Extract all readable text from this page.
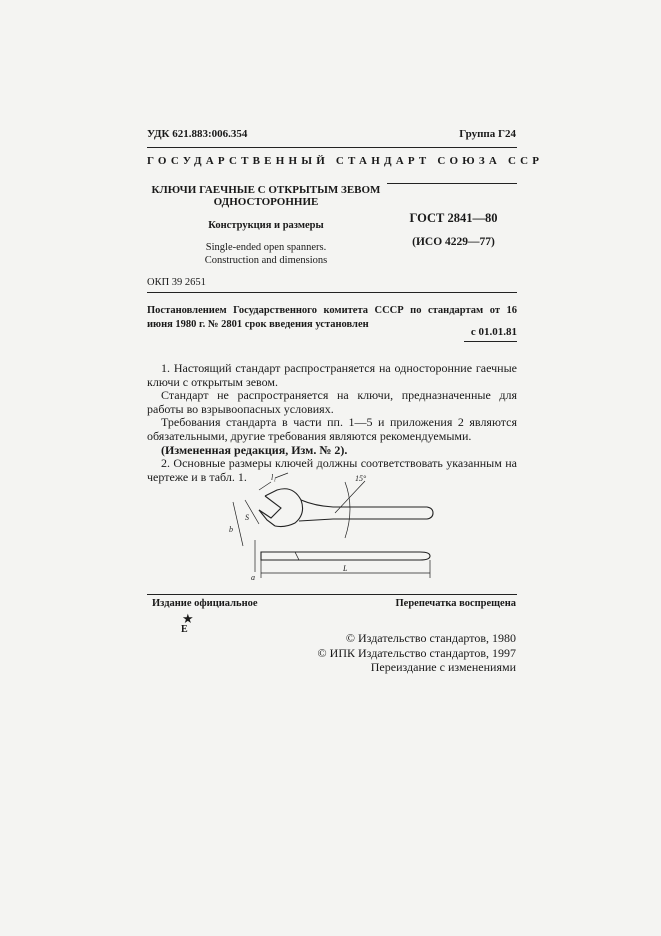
УДК 621.883:006.354	Группа Г24
ГОСУДАРСТВЕННЫЙ СТАНДАРТ СОЮЗА ССР
КЛЮЧИ ГАЕЧНЫЕ С ОТКРЫТЫМ ЗЕВОМ
ОДНОСТОРОННИЕ
Конструкция и размеры
Single-ended open spanners.
Construction and dimensions
ГОСТ 2841—80
(ИСО 4229—77)
ОКП 39 2651
Постановлением Государственного комитета СССР по стандартам от 16 июня 1980 г. № 2801 срок введения установлен
с 01.01.81

1. Настоящий стандарт распространяется на односторонние гаечные ключи с открытым зевом.

Стандарт не распространяется на ключи, предназначенные для работы во взрывоопасных условиях.

Требования стандарта в части пп. 1—5 и приложения 2 являются обязательными, другие требования являются рекомендуемыми.

(Измененная редакция, Изм. № 2).

2. Основные размеры ключей должны соответствовать указанным на чертеже и в табл. 1.	15°
l₁
S
b
a
L
Издание официальное	Перепечатка воспрещена
★
E
© Издательство стандартов, 1980
© ИПК Издательство стандартов, 1997
Переиздание с изменениями
